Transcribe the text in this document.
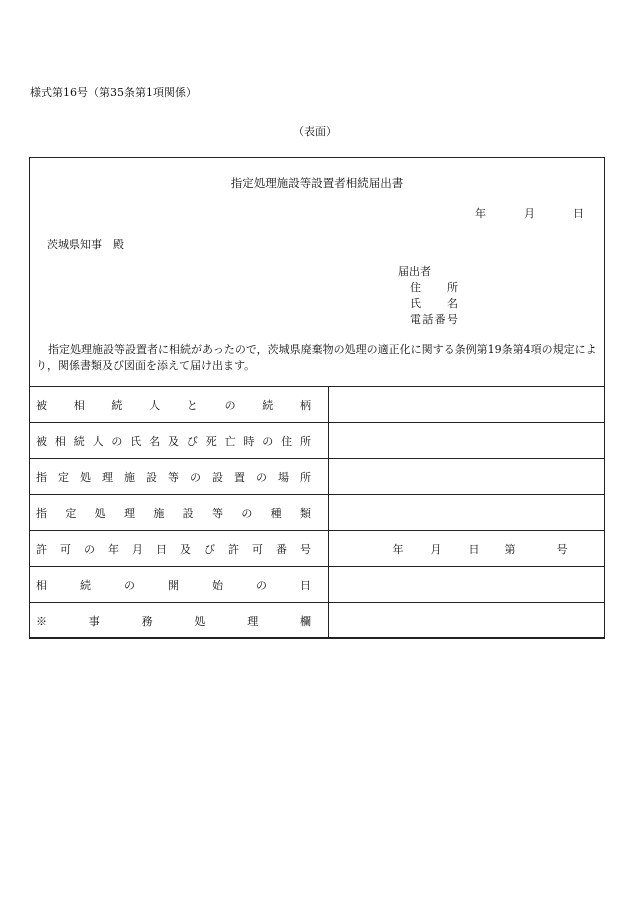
様式第16号（第35条第1項関係）
（表面）
指定処理施設等設置者相続届出書
年	月	日
茨城県知事　殿
届出者
住所
氏名
電話番号
指定処理施設等設置者に相続があったので，茨城県廃棄物の処理の適正化に関する条例第19条第4項の規定により，関係書類及び図面を添えて届け出ます。
被相続人との続柄	

被相続人の氏名及び死亡時の住所	

指定処理施設等の設置の場所	

指定処理施設等の種類	

許可の年月日及び許可番号	年 月 日 第 号

相続の開始の日	

※事務処理欄	
